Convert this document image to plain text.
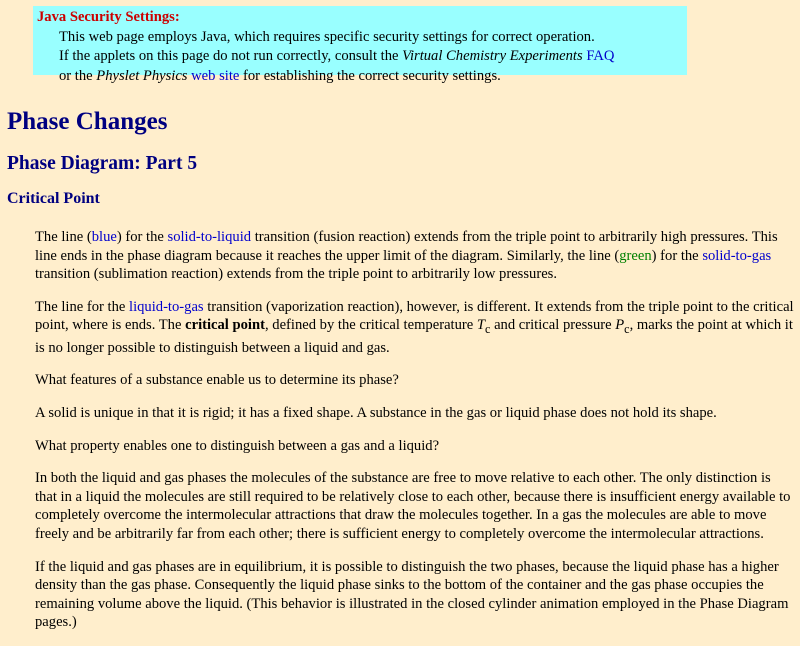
Java Security Settings:
This web page employs Java, which requires specific security settings for correct operation.
If the applets on this page do not run correctly, consult the Virtual Chemistry Experiments FAQ
or the Physlet Physics web site for establishing the correct security settings.
Phase Changes
Phase Diagram: Part 5
Critical Point

The line (blue) for the solid-to-liquid transition (fusion reaction) extends from the triple point to arbitrarily high pressures. This line ends in the phase diagram because it reaches the upper limit of the diagram. Similarly, the line (green) for the solid-to-gas transition (sublimation reaction) extends from the triple point to arbitrarily low pressures.

The line for the liquid-to-gas transition (vaporization reaction), however, is different. It extends from the triple point to the critical point, where is ends. The critical point, defined by the critical temperature $T_c$ and critical pressure $P_c$, marks the point at which it is no longer possible to distinguish between a liquid and gas.

What features of a substance enable us to determine its phase?

A solid is unique in that it is rigid; it has a fixed shape. A substance in the gas or liquid phase does not hold its shape.

What property enables one to distinguish between a gas and a liquid?

In both the liquid and gas phases the molecules of the substance are free to move relative to each other. The only distinction is that in a liquid the molecules are still required to be relatively close to each other, because there is insufficient energy available to completely overcome the intermolecular attractions that draw the molecules together. In a gas the molecules are able to move freely and be arbitrarily far from each other; there is sufficient energy to completely overcome the intermolecular attractions.

If the liquid and gas phases are in equilibrium, it is possible to distinguish the two phases, because the liquid phase has a higher density than the gas phase. Consequently the liquid phase sinks to the bottom of the container and the gas phase occupies the remaining volume above the liquid. (This behavior is illustrated in the closed cylinder animation employed in the Phase Diagram pages.)
